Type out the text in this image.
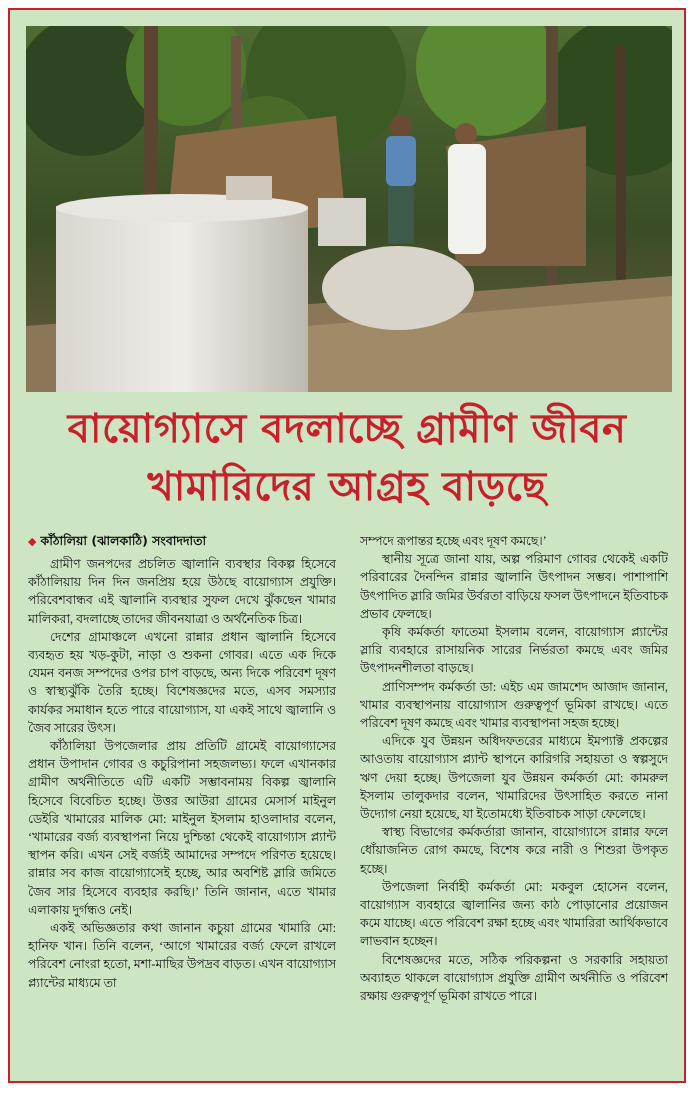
বায়োগ্যাসে বদলাচ্ছে গ্রামীণ জীবন
খামারিদের আগ্রহ বাড়ছে
◆ কাঁঠালিয়া (ঝালকাঠি) সংবাদদাতা

গ্রামীণ জনপদের প্রচলিত জ্বালানি ব্যবস্থার বিকল্প হিসেবে কাঁঠালিয়ায় দিন দিন জনপ্রিয় হয়ে উঠছে বায়োগ্যাস প্রযুক্তি। পরিবেশবান্ধব এই জ্বালানি ব্যবস্থার সুফল দেখে ঝুঁকছেন খামার মালিকরা, বদলাচ্ছে তাদের জীবনযাত্রা ও অর্থনৈতিক চিত্র।

দেশের গ্রামাঞ্চলে এখনো রান্নার প্রধান জ্বালানি হিসেবে ব্যবহৃত হয় খড়-কুটা, নাড়া ও শুকনা গোবর। এতে এক দিকে যেমন বনজ সম্পদের ওপর চাপ বাড়ছে, অন্য দিকে পরিবেশ দূষণ ও স্বাস্থ্যঝুঁকি তৈরি হচ্ছে। বিশেষজ্ঞদের মতে, এসব সমস্যার কার্যকর সমাধান হতে পারে বায়োগ্যাস, যা একই সাথে জ্বালানি ও জৈব সারের উৎস।

কাঁঠালিয়া উপজেলার প্রায় প্রতিটি গ্রামেই বায়োগ্যাসের প্রধান উপাদান গোবর ও কচুরিপানা সহজলভ্য। ফলে এখানকার গ্রামীণ অর্থনীতিতে এটি একটি সম্ভাবনাময় বিকল্প জ্বালানি হিসেবে বিবেচিত হচ্ছে। উত্তর আউরা গ্রামের মেসার্স মাইনুল ডেইরি খামারের মালিক মো: মাইনুল ইসলাম হাওলাদার বলেন, ‘খামারের বর্জ্য ব্যবস্থাপনা নিয়ে দুশ্চিন্তা থেকেই বায়োগ্যাস প্ল্যান্ট স্থাপন করি। এখন সেই বর্জ্যই আমাদের সম্পদে পরিণত হয়েছে। রান্নার সব কাজ বায়োগ্যাসেই হচ্ছে, আর অবশিষ্ট স্লারি জমিতে জৈব সার হিসেবে ব্যবহার করছি।’ তিনি জানান, এতে খামার এলাকায় দুর্গন্ধও নেই।

একই অভিজ্ঞতার কথা জানান কচুয়া গ্রামের খামারি মো: হানিফ খান। তিনি বলেন, ‘আগে খামারের বর্জ্য ফেলে রাখলে পরিবেশ নোংরা হতো, মশা-মাছির উপদ্রব বাড়ত। এখন বায়োগ্যাস প্ল্যান্টের মাধ্যমে তা

সম্পদে রূপান্তর হচ্ছে এবং দূষণ কমছে।’

স্থানীয় সূত্রে জানা যায়, অল্প পরিমাণ গোবর থেকেই একটি পরিবারের দৈনন্দিন রান্নার জ্বালানি উৎপাদন সম্ভব। পাশাপাশি উৎপাদিত স্লারি জমির উর্বরতা বাড়িয়ে ফসল উৎপাদনে ইতিবাচক প্রভাব ফেলছে।

কৃষি কর্মকর্তা ফাতেমা ইসলাম বলেন, বায়োগ্যাস প্ল্যান্টের স্লারি ব্যবহারে রাসায়নিক সারের নির্ভরতা কমছে এবং জমির উৎপাদনশীলতা বাড়ছে।

প্রাণিসম্পদ কর্মকর্তা ডা: এইচ এম জামশেদ আজাদ জানান, খামার ব্যবস্থাপনায় বায়োগ্যাস গুরুত্বপূর্ণ ভূমিকা রাখছে। এতে পরিবেশ দূষণ কমছে এবং খামার ব্যবস্থাপনা সহজ হচ্ছে।

এদিকে যুব উন্নয়ন অধিদফতরের মাধ্যমে ইমপ্যাক্ট প্রকল্পের আওতায় বায়োগ্যাস প্ল্যান্ট স্থাপনে কারিগরি সহায়তা ও স্বল্পসুদে ঋণ দেয়া হচ্ছে। উপজেলা যুব উন্নয়ন কর্মকর্তা মো: কামরুল ইসলাম তালুকদার বলেন, খামারিদের উৎসাহিত করতে নানা উদ্যোগ নেয়া হয়েছে, যা ইতোমধ্যে ইতিবাচক সাড়া ফেলেছে।

স্বাস্থ্য বিভাগের কর্মকর্তারা জানান, বায়োগ্যাসে রান্নার ফলে ধোঁয়াজনিত রোগ কমছে, বিশেষ করে নারী ও শিশুরা উপকৃত হচ্ছে।

উপজেলা নির্বাহী কর্মকর্তা মো: মকবুল হোসেন বলেন, বায়োগ্যাস ব্যবহারে জ্বালানির জন্য কাঠ পোড়ানোর প্রয়োজন কমে যাচ্ছে। এতে পরিবেশ রক্ষা হচ্ছে এবং খামারিরা আর্থিকভাবে লাভবান হচ্ছেন।

বিশেষজ্ঞদের মতে, সঠিক পরিকল্পনা ও সরকারি সহায়তা অব্যাহত থাকলে বায়োগ্যাস প্রযুক্তি গ্রামীণ অর্থনীতি ও পরিবেশ রক্ষায় গুরুত্বপূর্ণ ভূমিকা রাখতে পারে।
